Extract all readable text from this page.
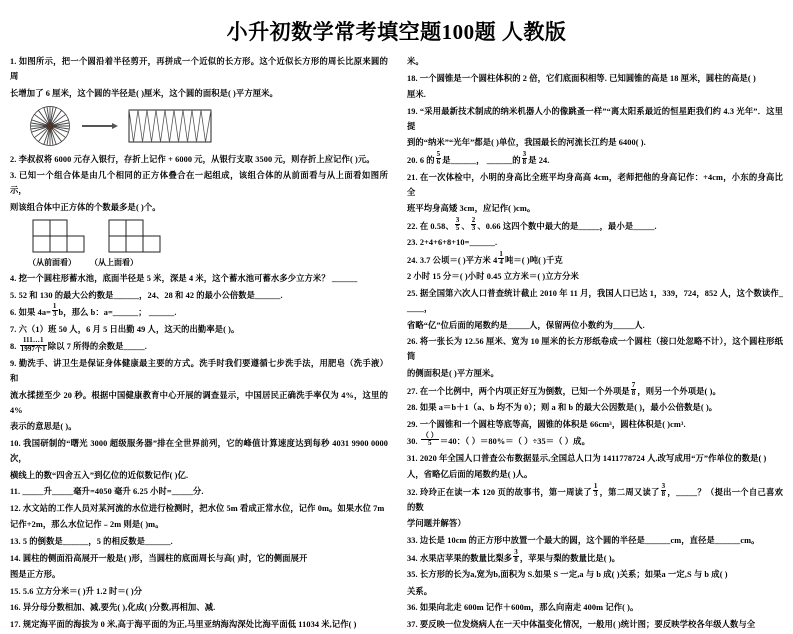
小升初数学常考填空题100题 人教版
1. 如图所示，把一个圆沿着半径剪开，再拼成一个近似的长方形。这个近似长方形的周长比原来圆的周
长增加了 6 厘米，这个圆的半径是( )厘米，这个圆的面积是( )平方厘米。
2. 李叔叔将 6000 元存入银行，存折上记作 + 6000 元，从银行支取 3500 元，则存折上应记作( )元。
3. 已知一个组合体是由几个相同的正方体叠合在一起组成，该组合体的从前面看与从上面看如图所示，
则该组合体中正方体的个数最多是( )个。
（从前面看） （从上面看）
4. 挖一个圆柱形蓄水池，底面半径是 5 米，深是 4 米，这个蓄水池可蓄水多少立方米？ ______
5. 52 和 130 的最大公约数是______，24、28 和 42 的最小公倍数是______.
6. 如果 $4a= \frac{1}{3}$ b，那么 b：a=______； ______.
7. 六（1）班 50 人，6 月 5 日出勤 49 人，这天的出勤率是( )。
8. $\frac{111\dots 1}{\text{1997个1}}$ 除以 7 所得的余数是_____.
9. 勤洗手、讲卫生是保证身体健康最主要的方式。洗手时我们要遵循七步洗手法，用肥皂（洗手液）和
流水揉搓至少 20 秒。根据中国健康教育中心开展的调查显示，中国居民正确洗手率仅为 4%，这里的 4%
表示的意思是( )。
10. 我国研制的“曙光 3000 超级服务器”排在全世界前列，它的峰值计算速度达到每秒 4031 9900 0000 次，
横线上的数“四舍五入”到亿位的近似数记作( )亿.
11. _____升_____毫升=4050 毫升 6.25 小时=_____分.
12. 水文站的工作人员对某河流的水位进行检测时，把水位 5m 看成正常水位，记作 0m。如果水位 7m
记作+2m，那么水位记作﹣2m 则是( )m。
13. 5 的倒数是______，5 的相反数是______.
14. 圆柱的侧面沿高展开一般是( )形，当圆柱的底面周长与高( )时，它的侧面展开
图是正方形。
15. 5.6 立方分米＝( )升 1.2 时＝( )分
16. 异分母分数相加、减,要先( ),化成( )分数,再相加、减.
17. 规定海平面的海拔为 0 米,高于海平面的为正,马里亚纳海沟深处比海平面低 11034 米,记作( )
米。
18. 一个圆锥是一个圆柱体积的 2 倍，它们底面积相等. 已知圆锥的高是 18 厘米，圆柱的高是( )
厘米.
19. “采用最新技术制成的纳米机器人小的像跳蚤一样”“离太阳系最近的恒星距我们约 4.3 光年”．这里提
到的“纳米”“光年”都是( )单位，我国最长的河流长江约是 6400( ).
20. 6 的 $\frac{5}{6}$ 是______， ______的 $\frac{3}{8}$ 是 24.
21. 在一次体检中，小明的身高比全班平均身高高 4cm，老师把他的身高记作：+4cm，小东的身高比全
班平均身高矮 3cm，应记作( )cm。
22. 在 0.58、 $\frac{3}{5}$ 、 $\frac{2}{3}$ 、0.66 这四个数中最大的是_____，最小是_____.
23. 2+4+6+8+10=______.
24. 3.7 公顷＝( )平方米 $4 \frac{1}{4}$ 吨＝( )吨( )千克
2 小时 15 分＝( )小时 0.45 立方米＝( )立方分米
25. 据全国第六次人口普查统计截止 2010 年 11 月，我国人口已达 1，339，724，852 人，这个数读作_____，
省略“亿”位后面的尾数约是_____人，保留两位小数约为_____人.
26. 将一张长为 12.56 厘米、宽为 10 厘米的长方形纸卷成一个圆柱（接口处忽略不计），这个圆柱形纸筒
的侧面积是( )平方厘米。
27. 在一个比例中，两个内项正好互为倒数，已知一个外项是 $\frac{7}{8}$ ，则另一个外项是( )。
28. 如果 a＝b＋1（a、b 均不为 0）；则 a 和 b 的最大公因数是( )，最小公倍数是( )。
29. 一个圆锥和一个圆柱等底等高，圆锥的体积是 66cm³，圆柱体积是( )cm³.
30. $\frac{( )}{5} =40$：（ ）＝80%＝（ ）÷35＝（ ）成。
31. 2020 年全国人口普查公布数据显示,全国总人口为 1411778724 人.改写成用“万”作单位的数是( )
人，省略亿后面的尾数约是( )人。
32. 玲玲正在读一本 120 页的故事书，第一周读了 $\frac{1}{3}$ ，第二周又读了 $\frac{3}{8}$ ，_____？（提出一个自己喜欢的数
学问题并解答）
33. 边长是 10cm 的正方形中放置一个最大的圆，这个圆的半径是______cm，直径是______cm。
34. 水果店苹果的数量比梨多 $\frac{3}{8}$ ，苹果与梨的数量比是( )。
35. 长方形的长为a,宽为b,面积为 S.如果 S 一定,a 与 b 成( )关系；如果a 一定,S 与 b 成( )
关系。
36. 如果向北走 600m 记作＋600m，那么向南走 400m 记作( )。
37. 要反映一位发烧病人在一天中体温变化情况，一般用( )统计图；要反映学校各年级人数与全
